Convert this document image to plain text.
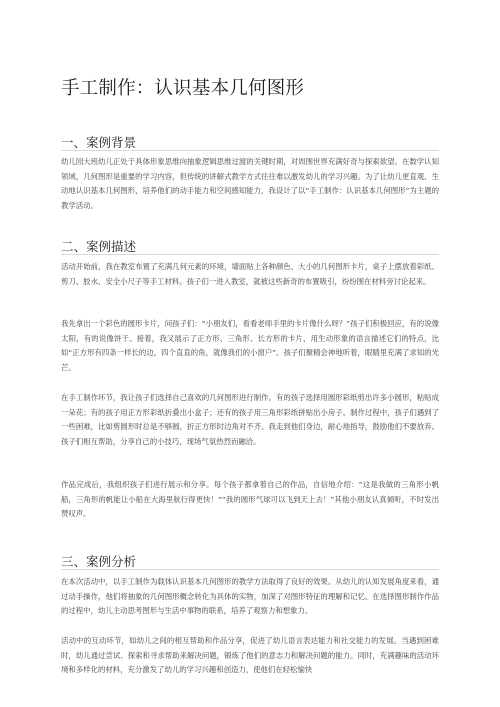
手工制作：认识基本几何图形
一、案例背景

幼儿园大班幼儿正处于具体形象思维向抽象逻辑思维过渡的关键时期，对周围世界充满好奇与探索欲望。在数学认知领域，几何图形是重要的学习内容，但传统的讲解式教学方式往往难以激发幼儿的学习兴趣。为了让幼儿更直观、生动地认识基本几何图形，培养他们的动手能力和空间感知能力，我设计了以“手工制作：认识基本几何图形”为主题的教学活动。

二、案例描述

活动开始前，我在教室布置了充满几何元素的环境，墙面贴上各种颜色、大小的几何图形卡片，桌子上摆放着彩纸、剪刀、胶水、安全小尺子等手工材料。孩子们一进入教室，就被这些新奇的布置吸引，纷纷围在材料旁讨论起来。

我先拿出一个彩色的圆形卡片，问孩子们：“小朋友们，看看老师手里的卡片像什么呀？”孩子们积极回应，有的说像太阳，有的说像饼干。接着，我又展示了正方形、三角形、长方形的卡片，用生动形象的语言描述它们的特点，比如“正方形有四条一样长的边，四个直直的角，就像我们的小窗户”。孩子们聚精会神地听着，眼睛里充满了求知的光芒。

在手工制作环节，我让孩子们选择自己喜欢的几何图形进行制作。有的孩子选择用圆形彩纸剪出许多小圆形，粘贴成一朵花；有的孩子用正方形彩纸折叠出小盒子；还有的孩子用三角形彩纸拼贴出小房子。制作过程中，孩子们遇到了一些困难，比如剪圆形时总是不够圆，折正方形时边角对不齐。我走到他们身边，耐心地指导，鼓励他们不要放弃。孩子们相互帮助，分享自己的小技巧，现场气氛热烈而融洽。

作品完成后，我组织孩子们进行展示和分享。每个孩子都拿着自己的作品，自信地介绍：“这是我做的三角形小帆船，三角形的帆能让小船在大海里航行得更快！”“我的圆形气球可以飞到天上去！”其他小朋友认真倾听，不时发出赞叹声。

三、案例分析

在本次活动中，以手工制作为载体认识基本几何图形的教学方法取得了良好的效果。从幼儿的认知发展角度来看，通过动手操作，他们将抽象的几何图形概念转化为具体的实物，加深了对图形特征的理解和记忆。在选择图形制作作品的过程中，幼儿主动思考图形与生活中事物的联系，培养了观察力和想象力。

活动中的互动环节，如幼儿之间的相互帮助和作品分享，促进了幼儿语言表达能力和社交能力的发展。当遇到困难时，幼儿通过尝试、探索和寻求帮助来解决问题，锻炼了他们的意志力和解决问题的能力。同时，充满趣味的活动环境和多样化的材料，充分激发了幼儿的学习兴趣和创造力，使他们在轻松愉快
